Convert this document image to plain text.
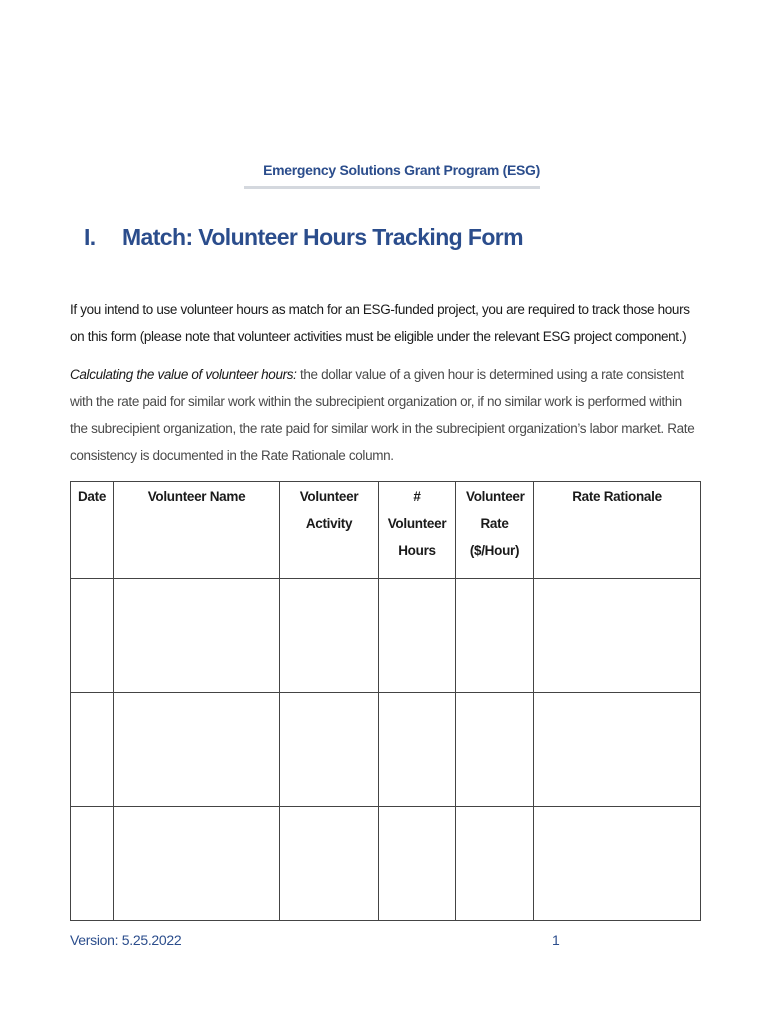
Emergency Solutions Grant Program (ESG)
I. Match: Volunteer Hours Tracking Form
If you intend to use volunteer hours as match for an ESG-funded project, you are required to track those hours on this form (please note that volunteer activities must be eligible under the relevant ESG project component.)
Calculating the value of volunteer hours: the dollar value of a given hour is determined using a rate consistent with the rate paid for similar work within the subrecipient organization or, if no similar work is performed within the subrecipient organization, the rate paid for similar work in the subrecipient organization’s labor market. Rate consistency is documented in the Rate Rationale column.
Date	Volunteer Name	Volunteer Activity	# Volunteer Hours	Volunteer Rate ($/Hour)	Rate Rationale

Version: 5.25.2022	1
